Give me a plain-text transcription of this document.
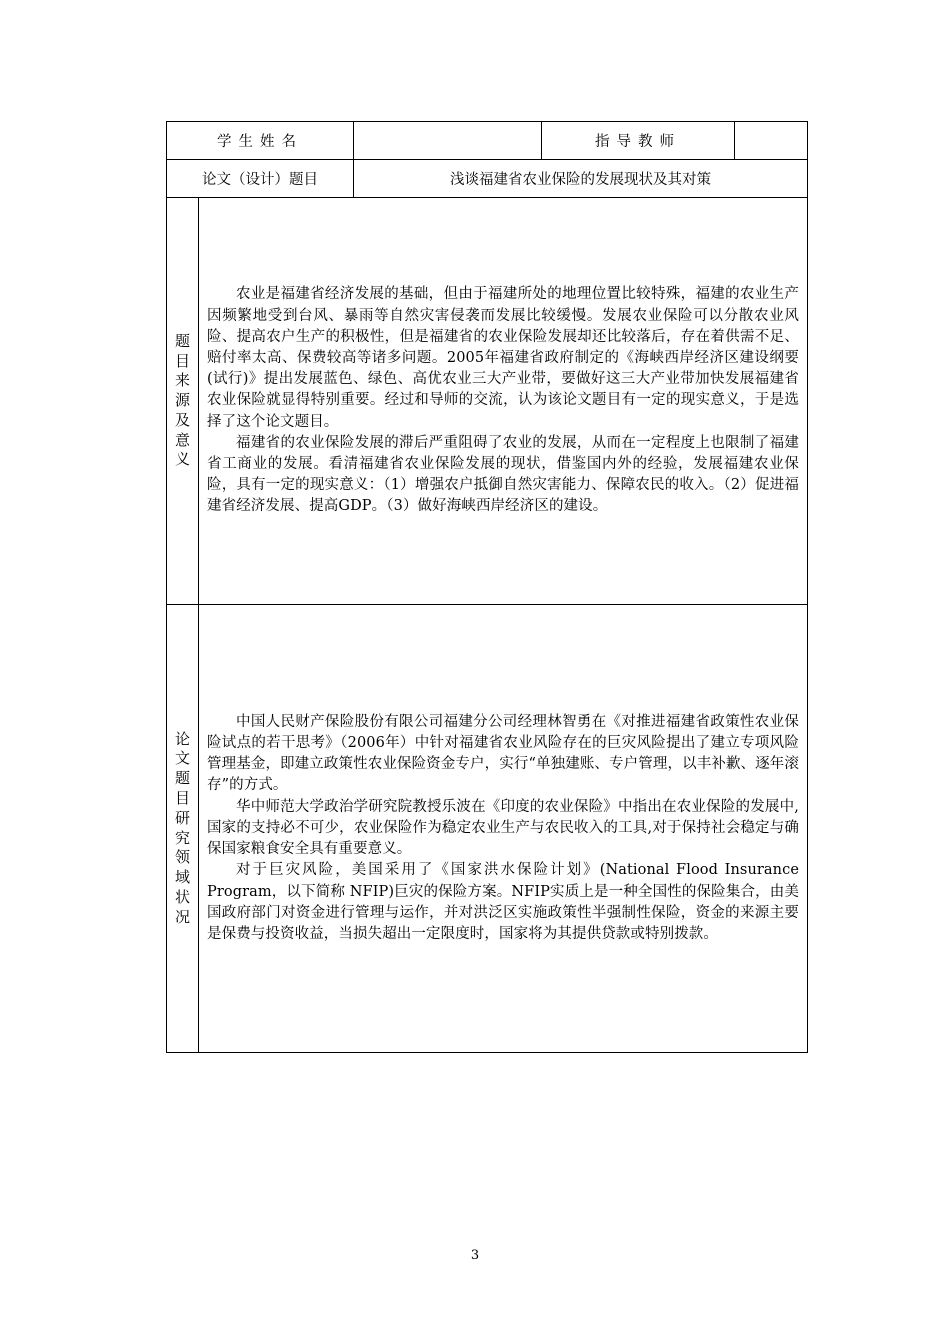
学生姓名			指导教师	
论文（设计）题目		浅谈福建省农业保险的发展现状及其对策		
题目来源及意义	农业是福建省经济发展的基础，但由于福建所处的地理位置比较特殊，福建的农业生产因频繁地受到台风、暴雨等自然灾害侵袭而发展比较缓慢。发展农业保险可以分散农业风险、提高农户生产的积极性，但是福建省的农业保险发展却还比较落后，存在着供需不足、赔付率太高、保费较高等诸多问题。2005年福建省政府制定的《海峡西岸经济区建设纲要(试行)》提出发展蓝色、绿色、高优农业三大产业带，要做好这三大产业带加快发展福建省农业保险就显得特别重要。经过和导师的交流，认为该论文题目有一定的现实意义，于是选择了这个论文题目。

福建省的农业保险发展的滞后严重阻碍了农业的发展，从而在一定程度上也限制了福建省工商业的发展。看清福建省农业保险发展的现状，借鉴国内外的经验，发展福建农业保险，具有一定的现实意义：（1）增强农户抵御自然灾害能力、保障农民的收入。（2）促进福建省经济发展、提高GDP。（3）做好海峡西岸经济区的建设。			

论文题目研究领域状况	中国人民财产保险股份有限公司福建分公司经理林智勇在《对推进福建省政策性农业保险试点的若干思考》（2006年）中针对福建省农业风险存在的巨灾风险提出了建立专项风险管理基金，即建立政策性农业保险资金专户，实行“单独建账、专户管理，以丰补歉、逐年滚存”的方式。

华中师范大学政治学研究院教授乐波在《印度的农业保险》中指出在农业保险的发展中,国家的支持必不可少，农业保险作为稳定农业生产与农民收入的工具,对于保持社会稳定与确保国家粮食安全具有重要意义。

对于巨灾风险，美国采用了《国家洪水保险计划》(National Flood Insurance Program，以下简称 NFIP)巨灾的保险方案。NFIP实质上是一种全国性的保险集合，由美国政府部门对资金进行管理与运作，并对洪泛区实施政策性半强制性保险，资金的来源主要是保费与投资收益，当损失超出一定限度时，国家将为其提供贷款或特别拨款。			

3
